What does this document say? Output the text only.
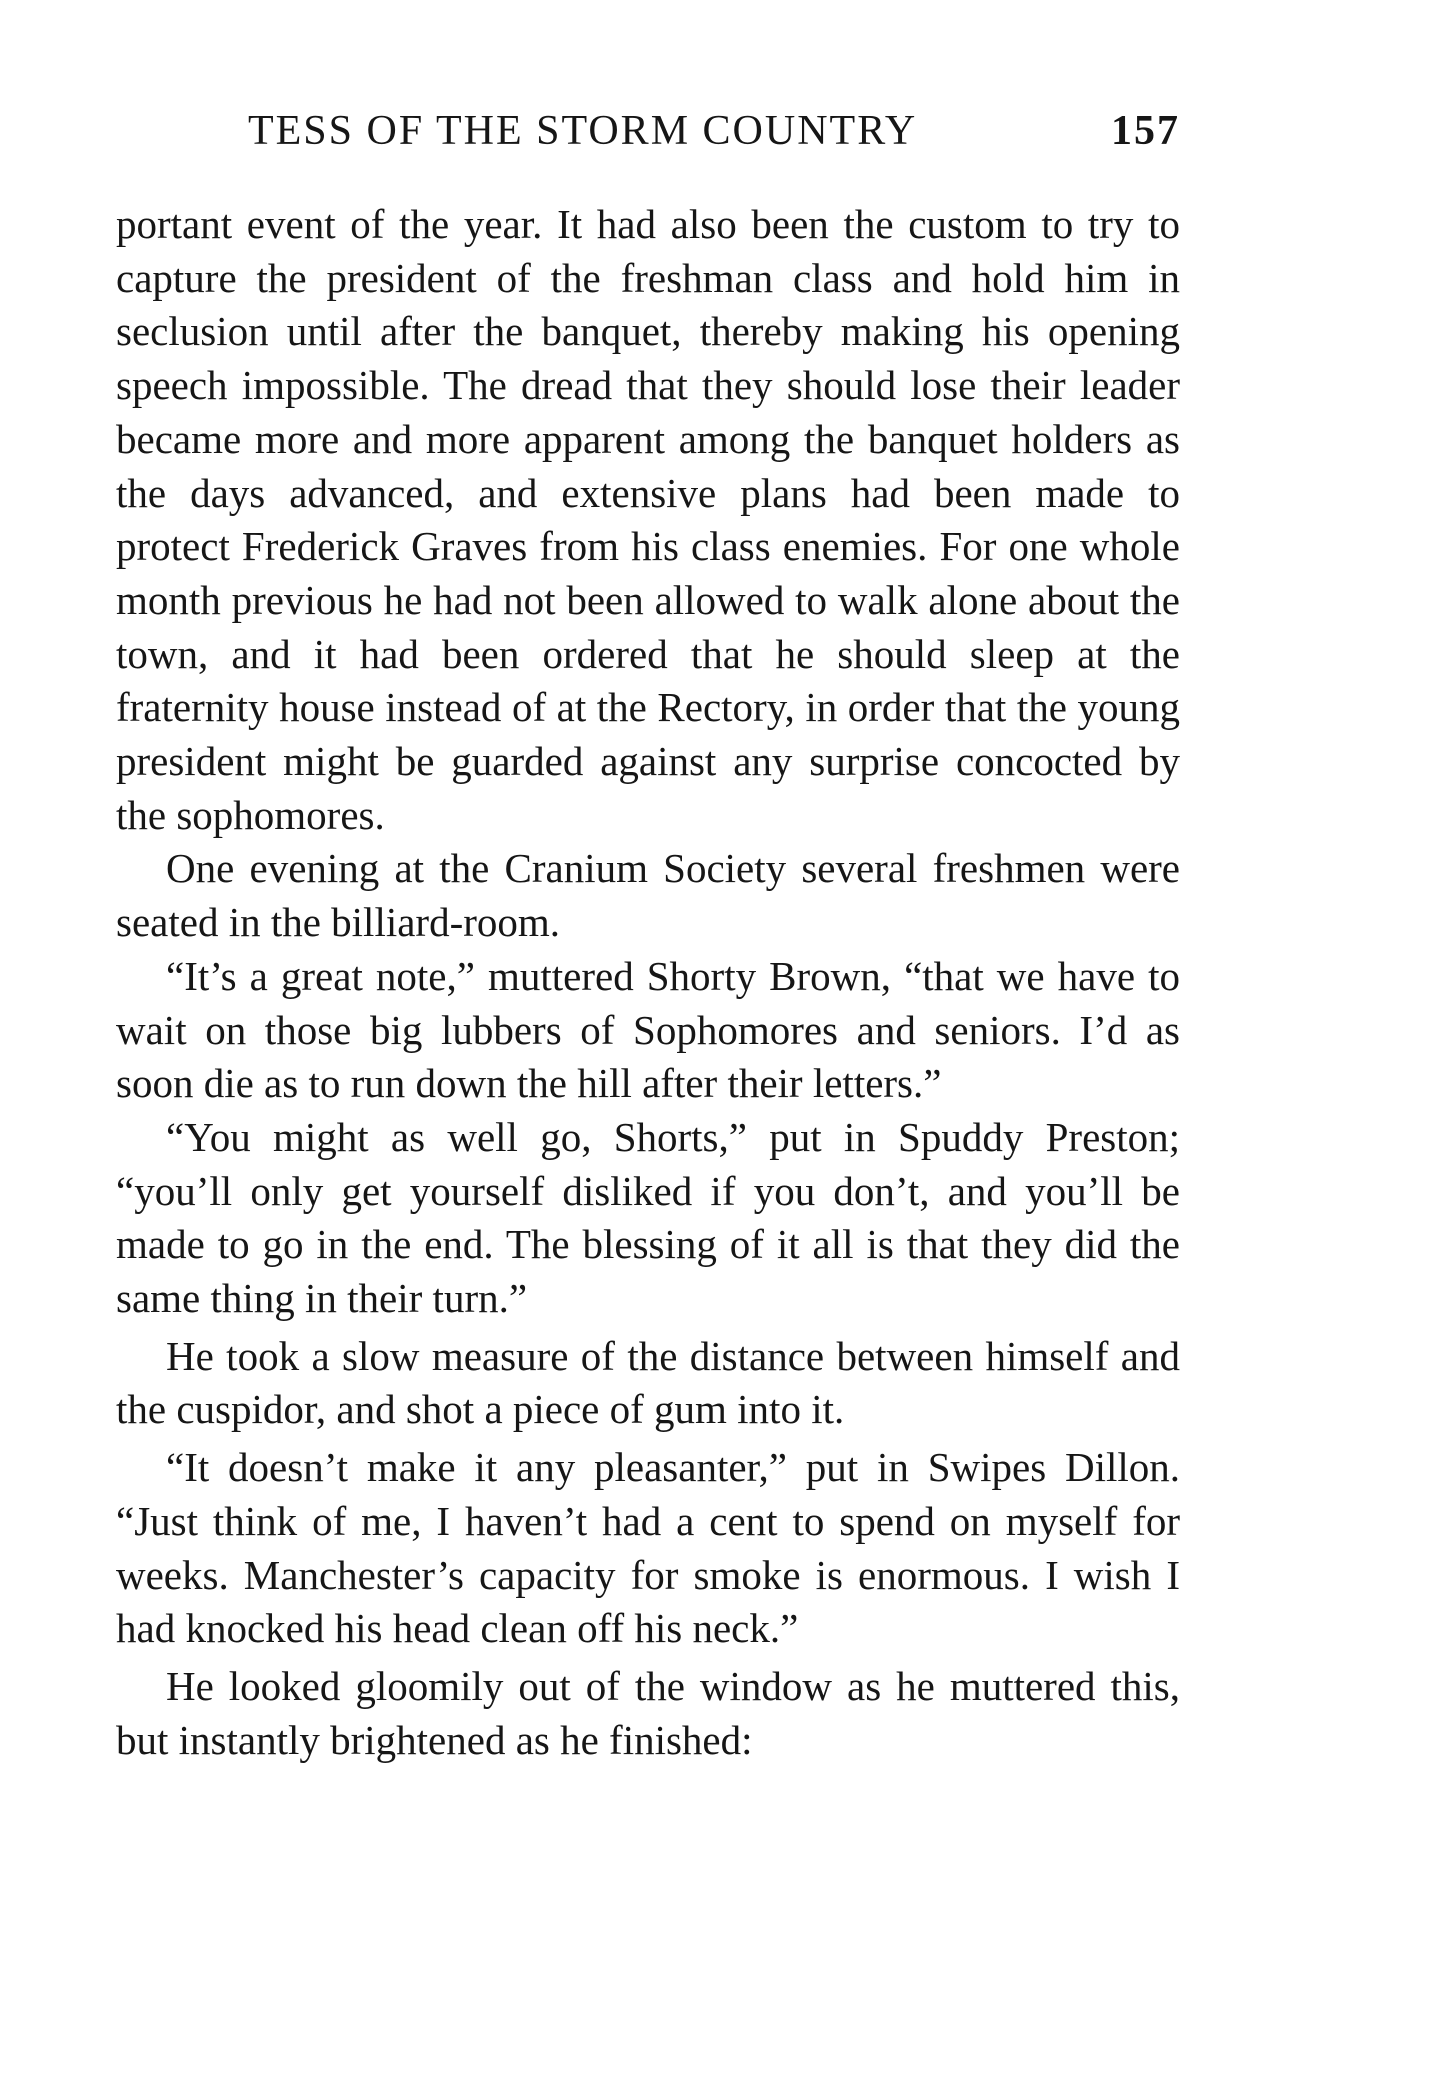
TESS OF THE STORM COUNTRY	157

portant event of the year. It had also been the custom to try to capture the president of the freshman class and hold him in seclusion until after the banquet, thereby making his opening speech impossible. The dread that they should lose their leader became more and more apparent among the banquet holders as the days advanced, and extensive plans had been made to protect Frederick Graves from his class enemies. For one whole month previous he had not been allowed to walk alone about the town, and it had been ordered that he should sleep at the fraternity house instead of at the Rectory, in order that the young president might be guarded against any surprise concocted by the sophomores.

One evening at the Cranium Society several freshmen were seated in the billiard-room.

“It’s a great note,” muttered Shorty Brown, “that we have to wait on those big lubbers of Sophomores and seniors. I’d as soon die as to run down the hill after their letters.”

“You might as well go, Shorts,” put in Spuddy Preston; “you’ll only get yourself disliked if you don’t, and you’ll be made to go in the end. The blessing of it all is that they did the same thing in their turn.”

He took a slow measure of the distance between himself and the cuspidor, and shot a piece of gum into it.

“It doesn’t make it any pleasanter,” put in Swipes Dillon. “Just think of me, I haven’t had a cent to spend on myself for weeks. Manchester’s capacity for smoke is enormous. I wish I had knocked his head clean off his neck.”

He looked gloomily out of the window as he muttered this, but instantly brightened as he finished:
